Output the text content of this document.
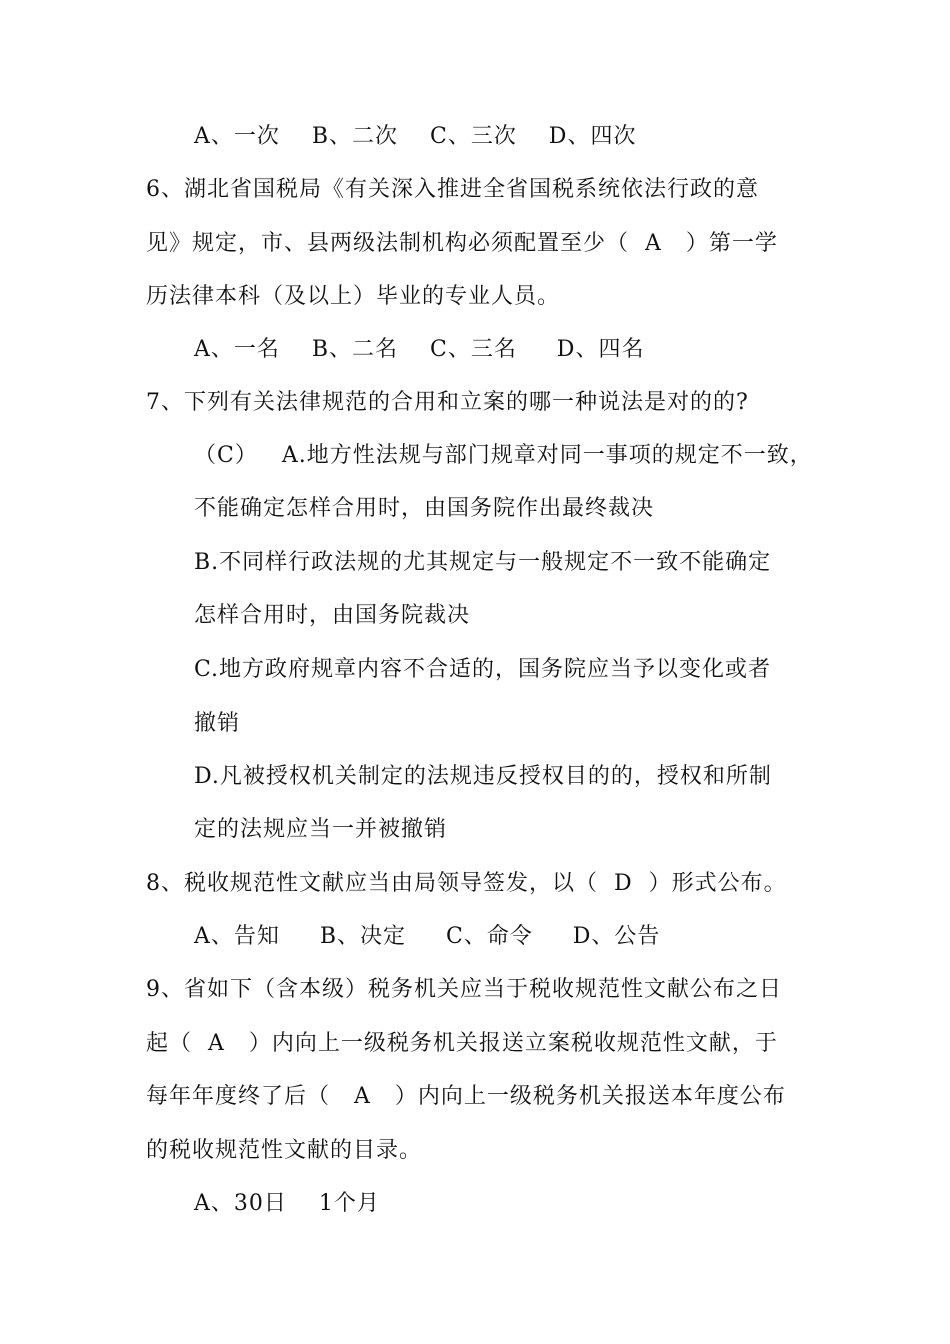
A、一次    B、二次    C、三次    D、四次
6、湖北省国税局《有关深入推进全省国税系统依法行政的意
见》规定，市、县两级法制机构必须配置至少（  A   ）第一学
历法律本科（及以上）毕业的专业人员。
A、一名    B、二名    C、三名     D、四名
7、下列有关法律规范的合用和立案的哪一种说法是对的的?
（C）   A.地方性法规与部门规章对同一事项的规定不一致，
不能确定怎样合用时，由国务院作出最终裁决
B.不同样行政法规的尤其规定与一般规定不一致不能确定
怎样合用时，由国务院裁决
C.地方政府规章内容不合适的，国务院应当予以变化或者
撤销
D.凡被授权机关制定的法规违反授权目的的，授权和所制
定的法规应当一并被撤销
8、税收规范性文献应当由局领导签发，以（  D  ）形式公布。
A、告知     B、决定     C、命令     D、公告
9、省如下（含本级）税务机关应当于税收规范性文献公布之日
起（  A   ）内向上一级税务机关报送立案税收规范性文献，于
每年年度终了后（   A   ）内向上一级税务机关报送本年度公布
的税收规范性文献的目录。
A、30日    1个月
